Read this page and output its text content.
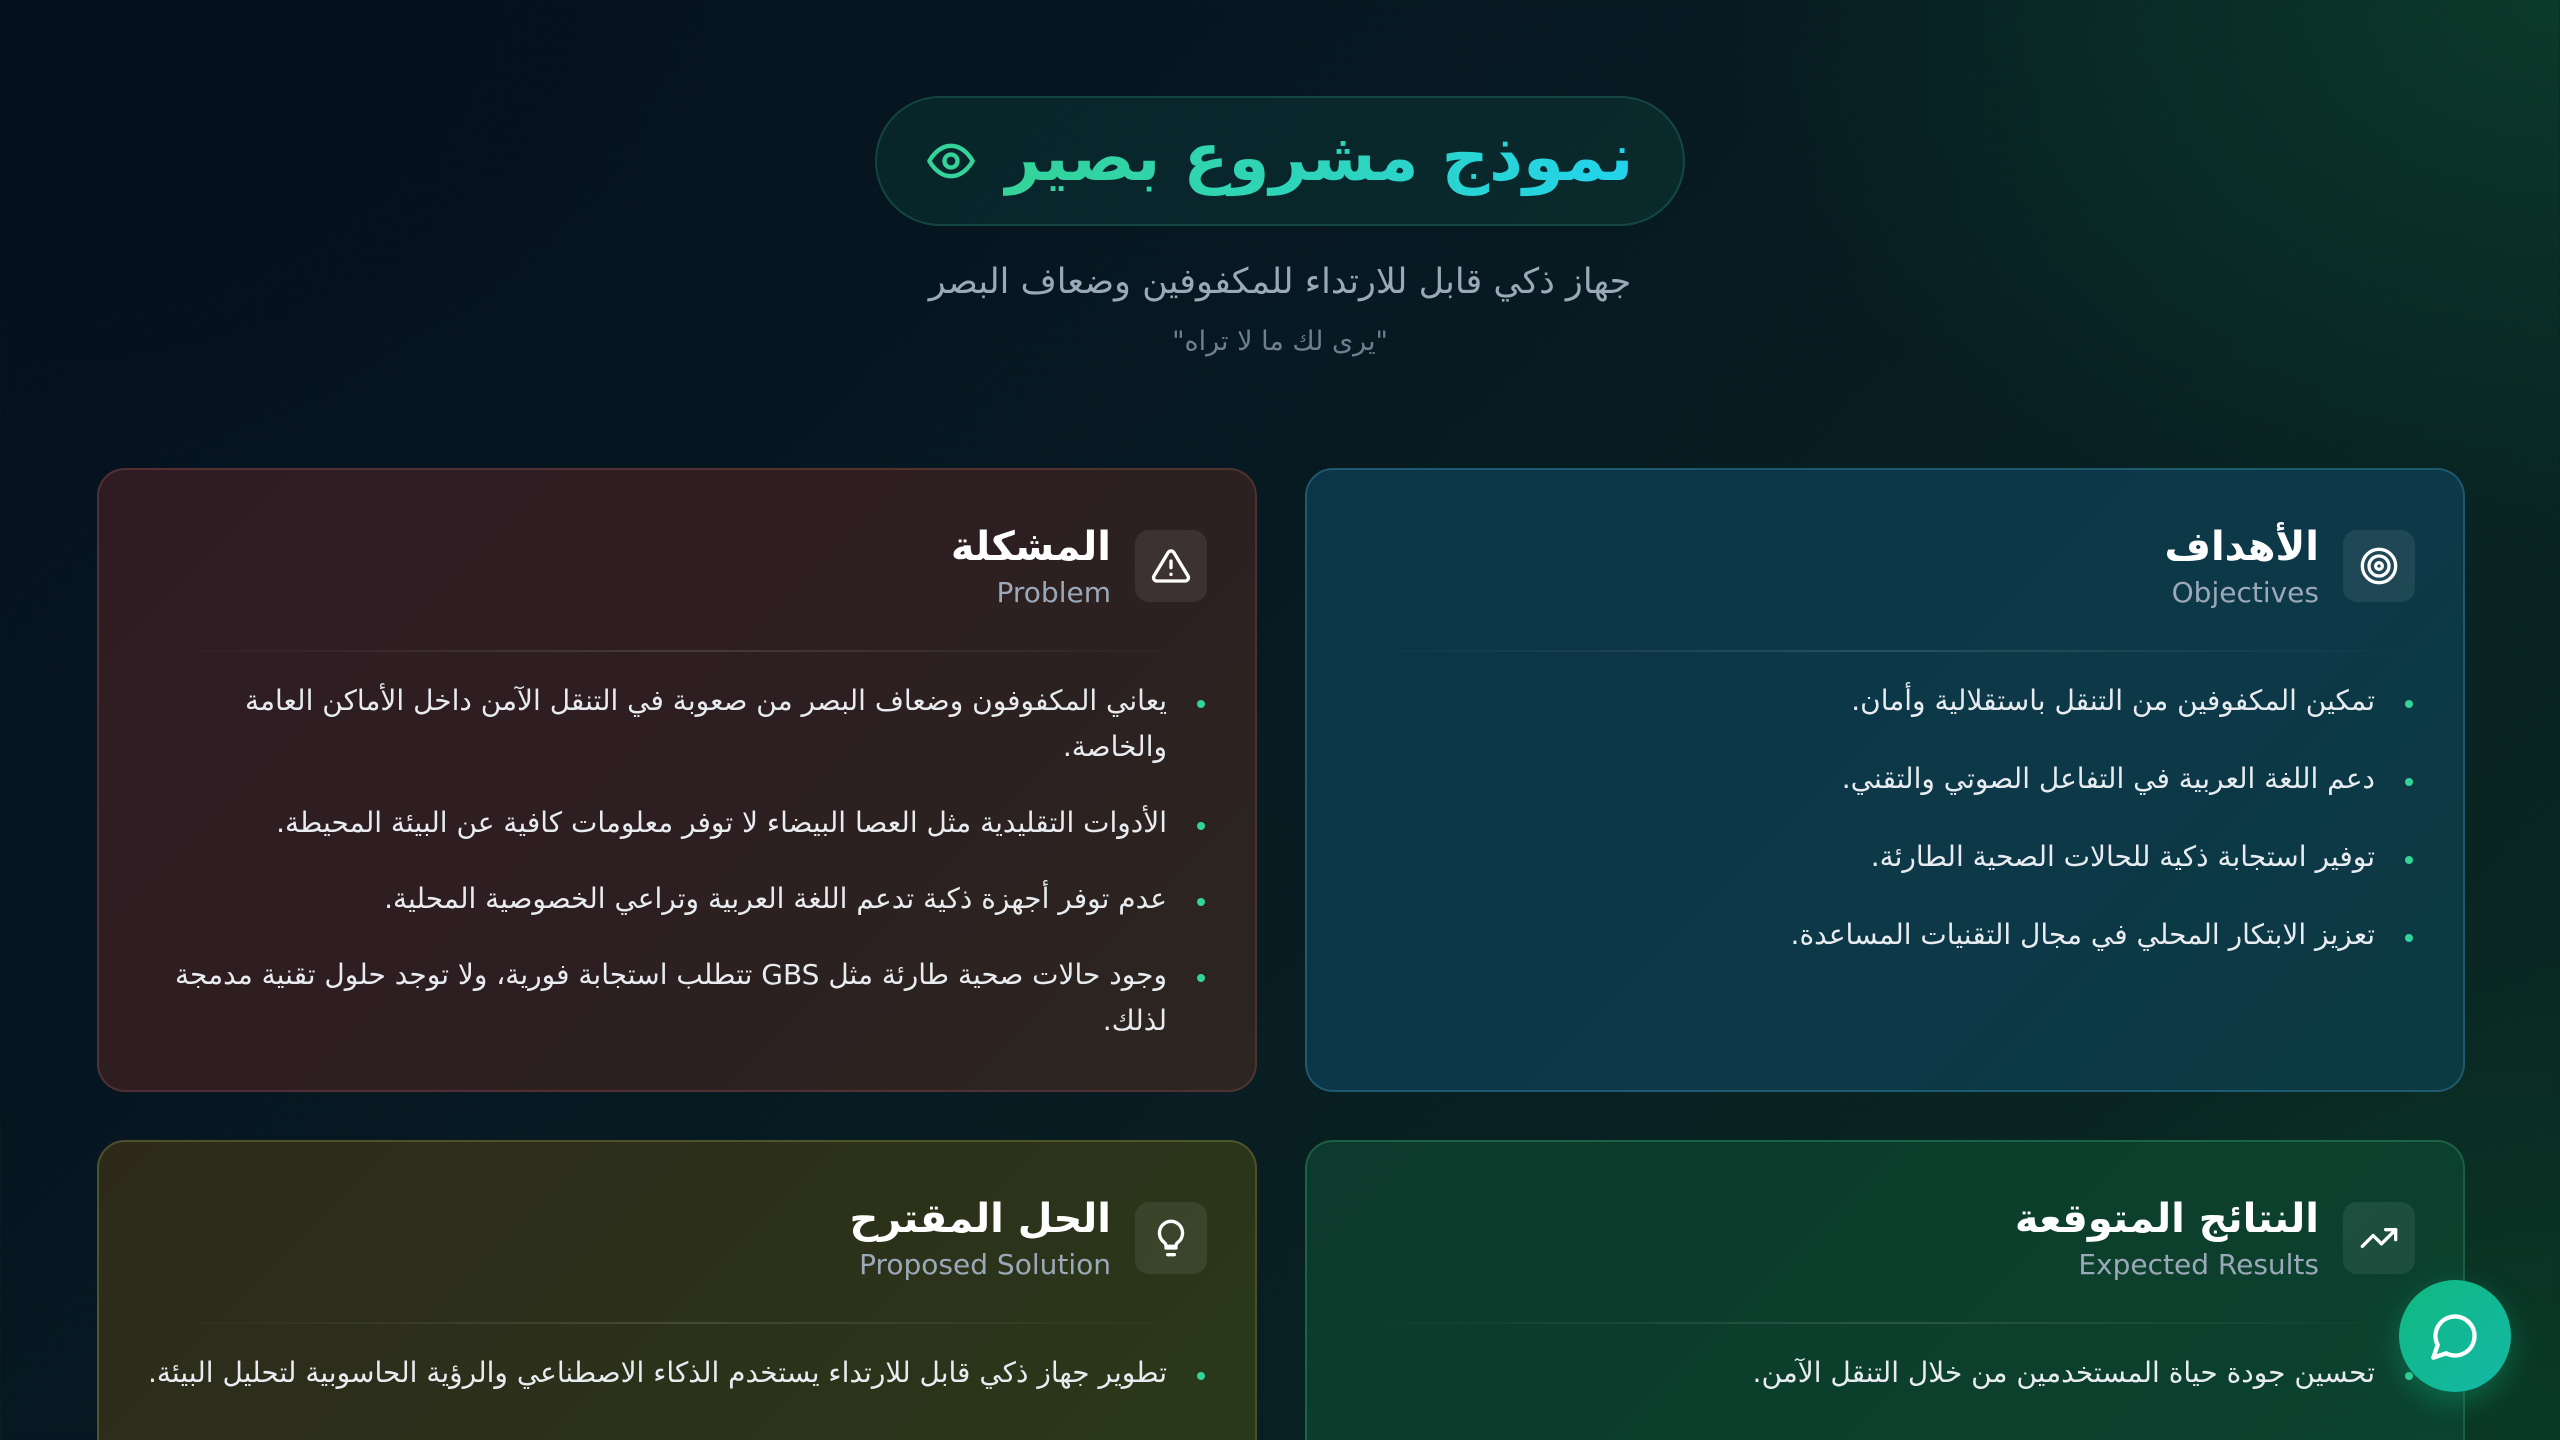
نموذج مشروع بصير
جهاز ذكي قابل للارتداء للمكفوفين وضعاف البصر
"يرى لك ما لا تراه"
المشكلة
Problem
يعاني المكفوفون وضعاف البصر من صعوبة في التنقل الآمن داخل الأماكن العامة والخاصة.
الأدوات التقليدية مثل العصا البيضاء لا توفر معلومات كافية عن البيئة المحيطة.
عدم توفر أجهزة ذكية تدعم اللغة العربية وتراعي الخصوصية المحلية.
وجود حالات صحية طارئة مثل GBS تتطلب استجابة فورية، ولا توجد حلول تقنية مدمجة لذلك.
الأهداف
Objectives
تمكين المكفوفين من التنقل باستقلالية وأمان.
دعم اللغة العربية في التفاعل الصوتي والتقني.
توفير استجابة ذكية للحالات الصحية الطارئة.
تعزيز الابتكار المحلي في مجال التقنيات المساعدة.
الحل المقترح
Proposed Solution
تطوير جهاز ذكي قابل للارتداء يستخدم الذكاء الاصطناعي والرؤية الحاسوبية لتحليل البيئة.
النتائج المتوقعة
Expected Results
تحسين جودة حياة المستخدمين من خلال التنقل الآمن.
